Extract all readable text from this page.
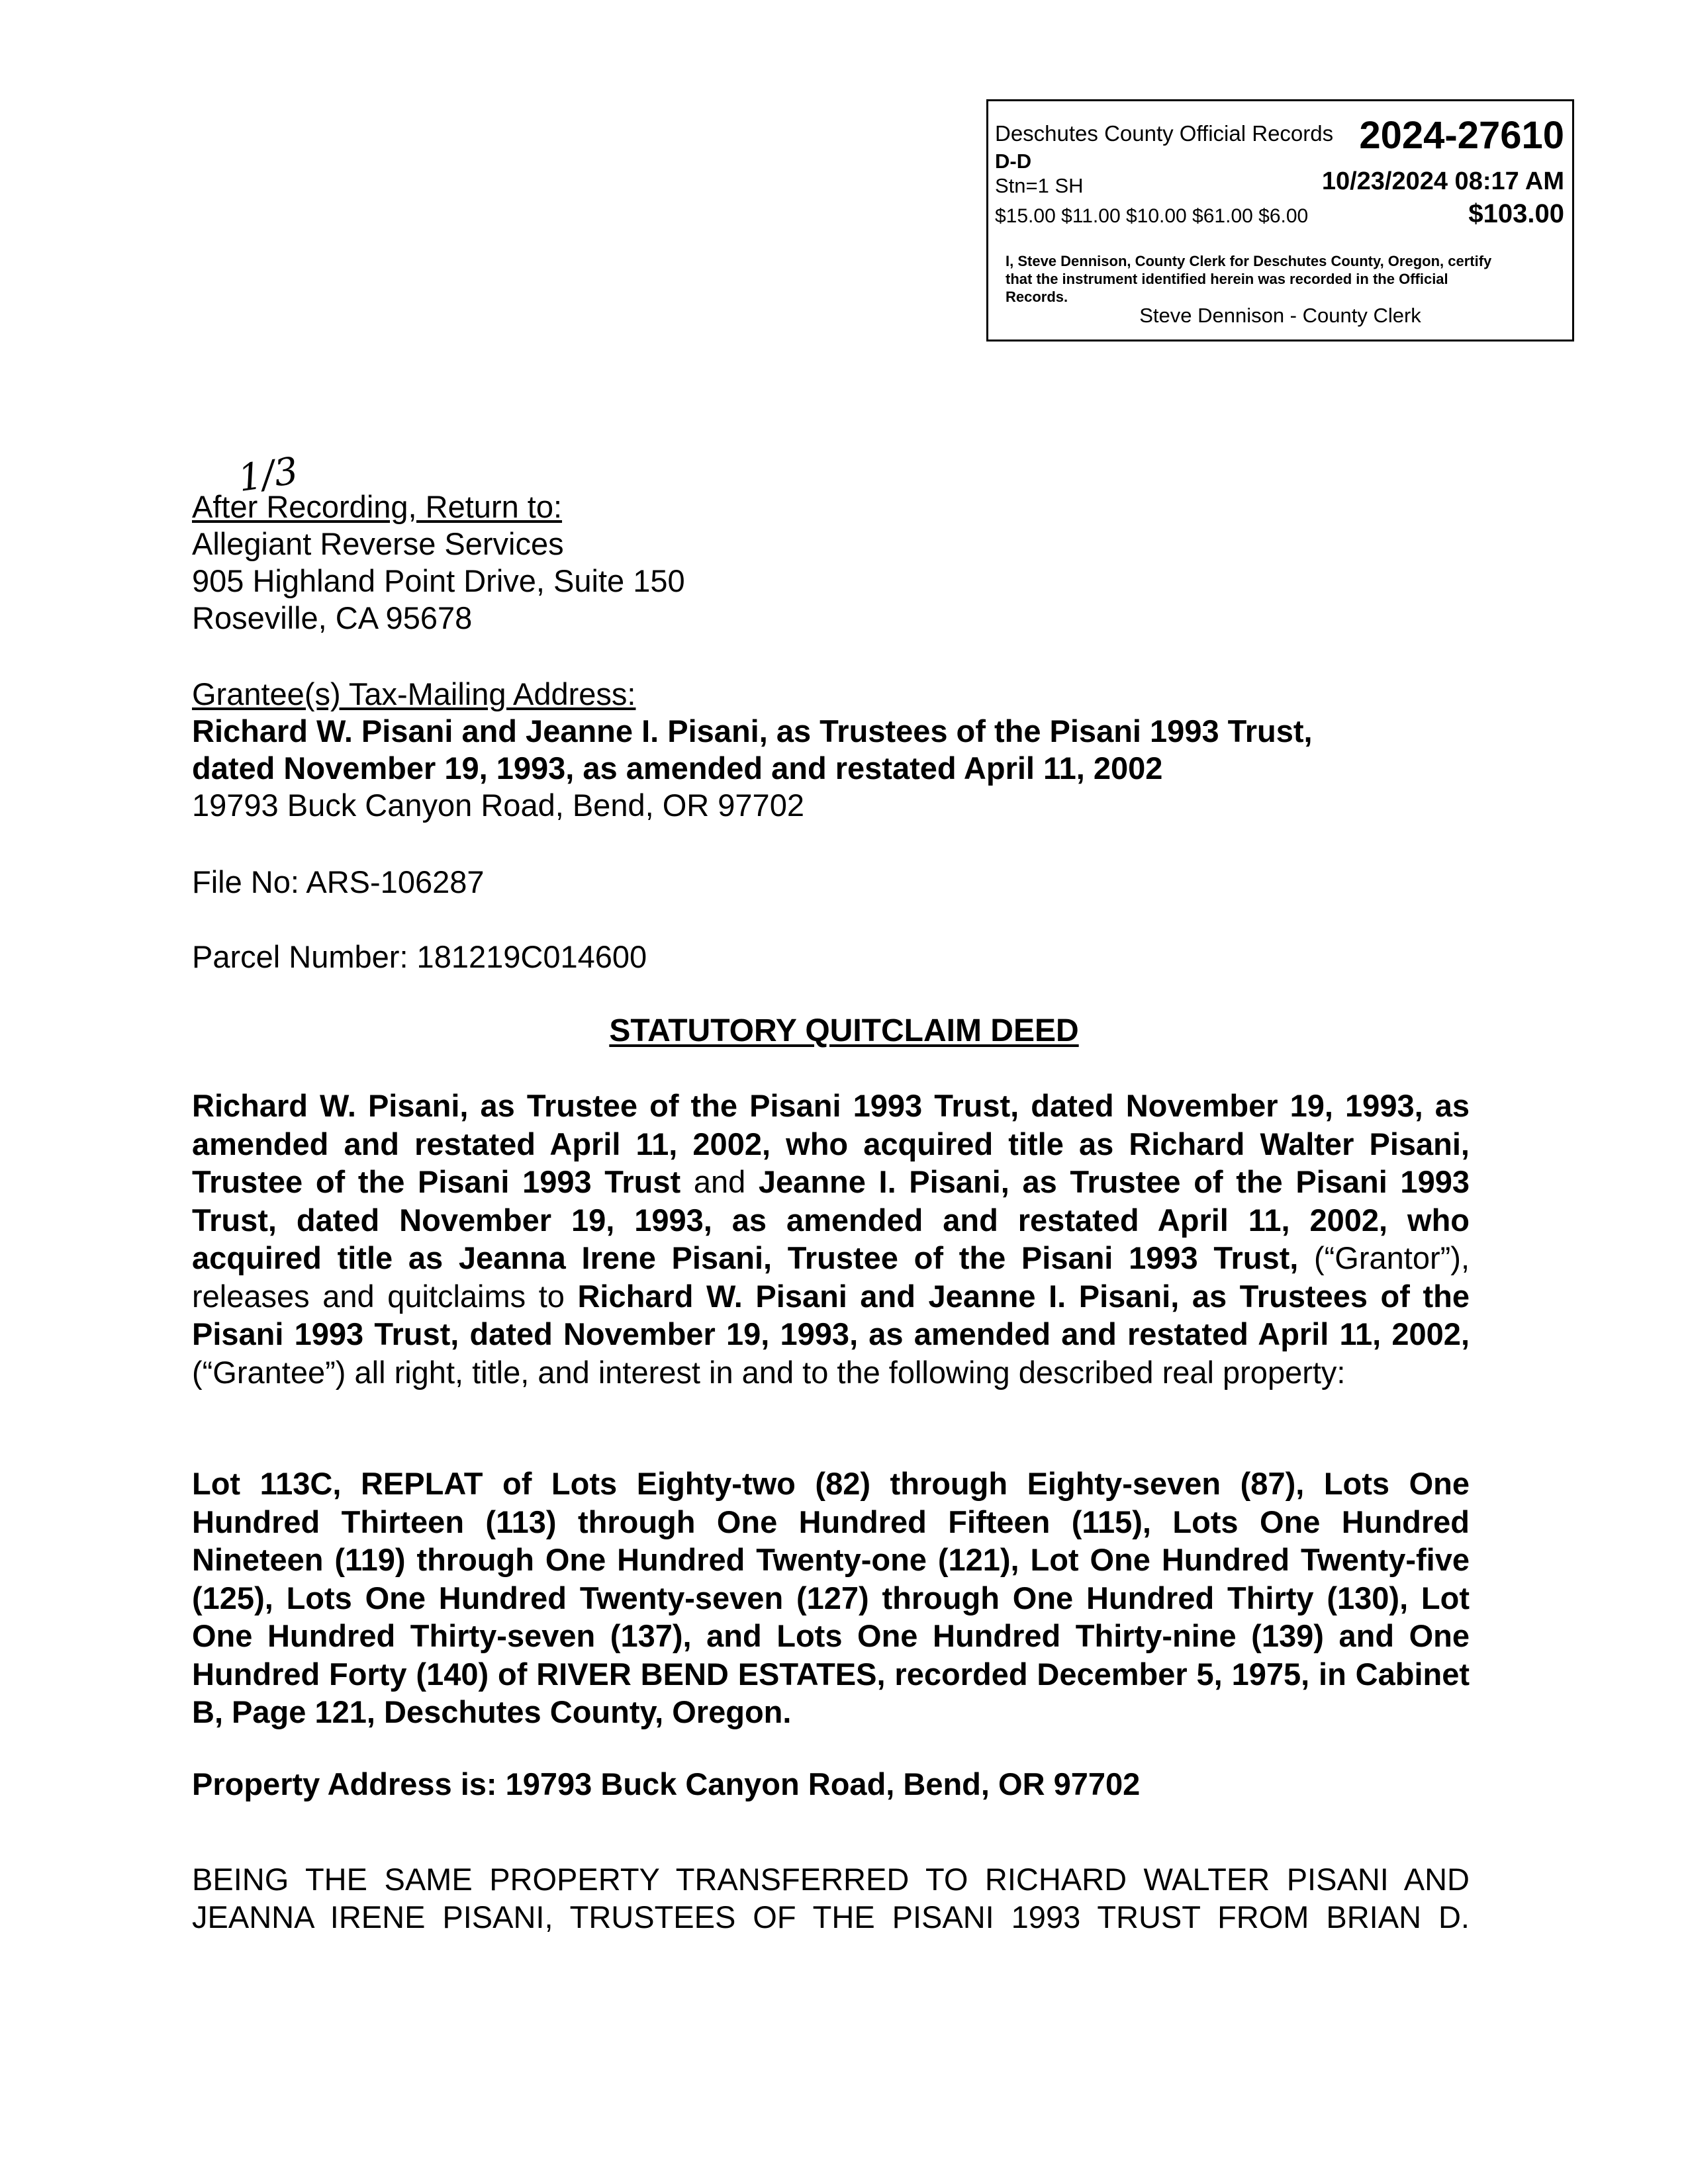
Deschutes County Official Records 2024-27610
D-D
Stn=1 SH	10/23/2024 08:17 AM
$15.00 $11.00 $10.00 $61.00 $6.00	$103.00
I, Steve Dennison, County Clerk for Deschutes County, Oregon, certify that the instrument identified herein was recorded in the Official Records.
Steve Dennison - County Clerk
1/3
After Recording, Return to:
Allegiant Reverse Services
905 Highland Point Drive, Suite 150
Roseville, CA 95678
Grantee(s) Tax-Mailing Address:
Richard W. Pisani and Jeanne I. Pisani, as Trustees of the Pisani 1993 Trust,
dated November 19, 1993, as amended and restated April 11, 2002
19793 Buck Canyon Road, Bend, OR 97702
File No: ARS-106287
Parcel Number: 181219C014600
STATUTORY QUITCLAIM DEED
Richard W. Pisani, as Trustee of the Pisani 1993 Trust, dated November 19, 1993, as amended and restated April 11, 2002, who acquired title as Richard Walter Pisani, Trustee of the Pisani 1993 Trust and Jeanne I. Pisani, as Trustee of the Pisani 1993 Trust, dated November 19, 1993, as amended and restated April 11, 2002, who acquired title as Jeanna Irene Pisani, Trustee of the Pisani 1993 Trust, (“Grantor”), releases and quitclaims to Richard W. Pisani and Jeanne I. Pisani, as Trustees of the Pisani 1993 Trust, dated November 19, 1993, as amended and restated April 11, 2002, (“Grantee”) all right, title, and interest in and to the following described real property:
Lot 113C, REPLAT of Lots Eighty-two (82) through Eighty-seven (87), Lots One Hundred Thirteen (113) through One Hundred Fifteen (115), Lots One Hundred Nineteen (119) through One Hundred Twenty-one (121), Lot One Hundred Twenty-five (125), Lots One Hundred Twenty-seven (127) through One Hundred Thirty (130), Lot One Hundred Thirty-seven (137), and Lots One Hundred Thirty-nine (139) and One Hundred Forty (140) of RIVER BEND ESTATES, recorded December 5, 1975, in Cabinet B, Page 121, Deschutes County, Oregon.
Property Address is: 19793 Buck Canyon Road, Bend, OR 97702
BEING THE SAME PROPERTY TRANSFERRED TO RICHARD WALTER PISANI AND
JEANNA IRENE PISANI, TRUSTEES OF THE PISANI 1993 TRUST FROM BRIAN D.
